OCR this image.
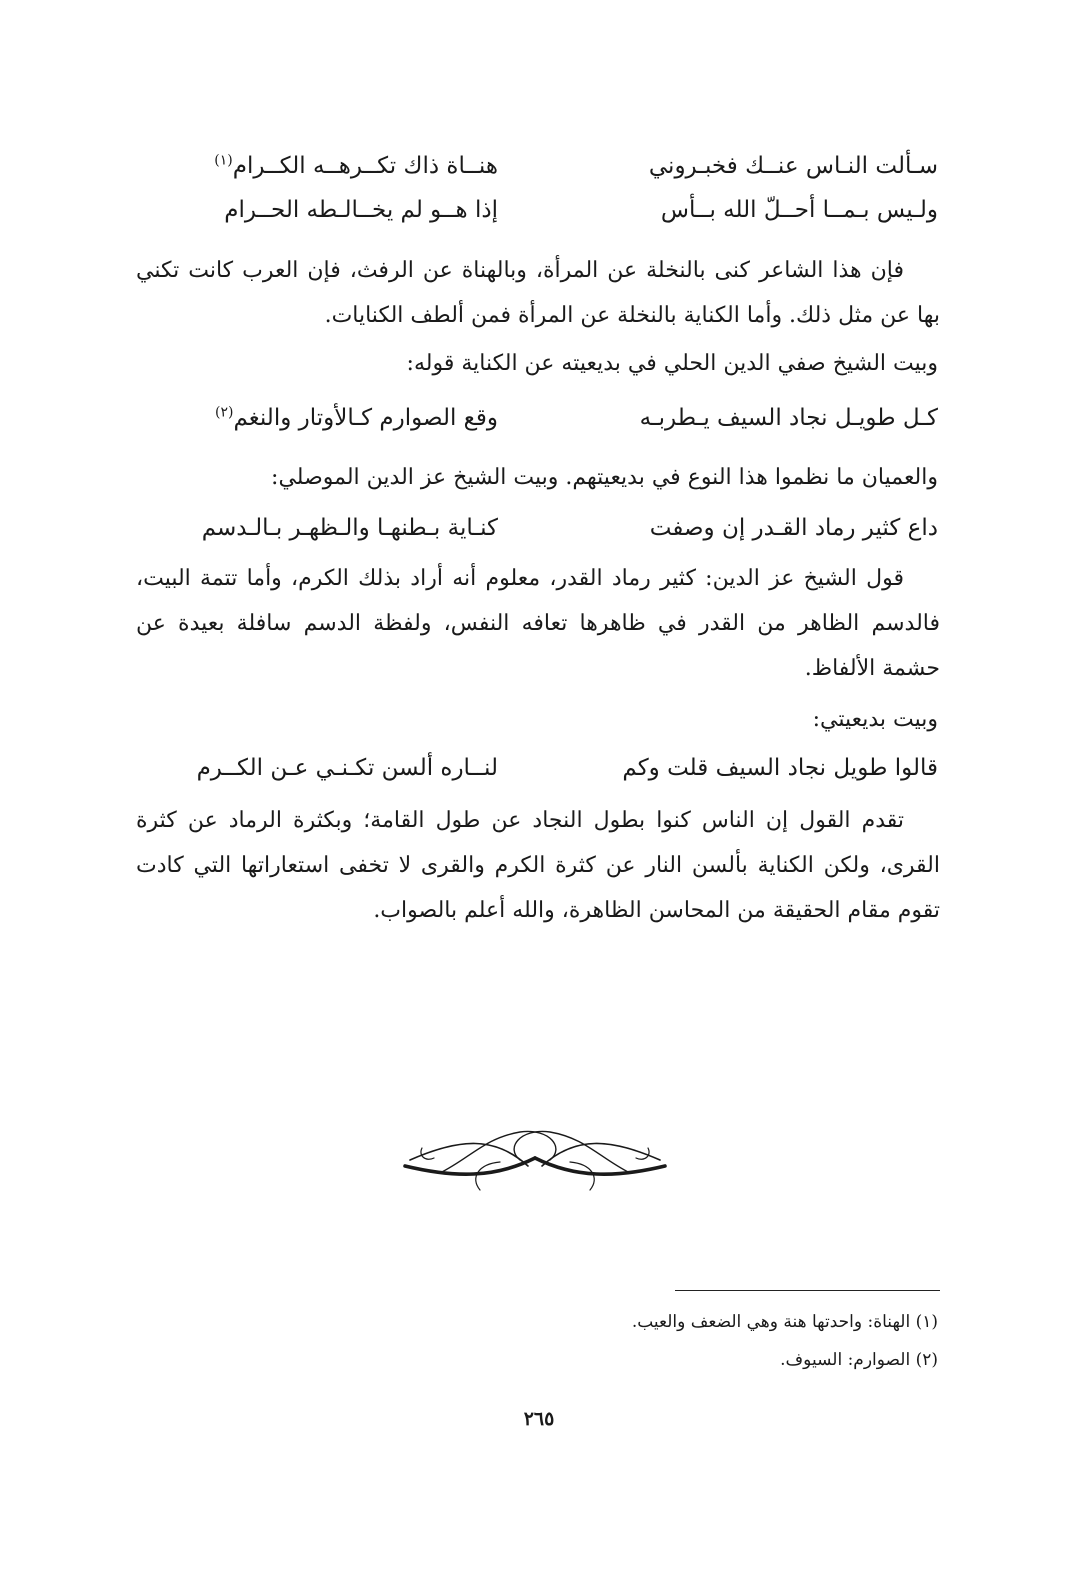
سـألت النـاس عنــك فخبـروني
هنــاة ذاك تكــرهــه الكــرام$^{(١)}$
ولـيس بـمــا أحــلّ الله بــأس
إذا هــو لم يخــالـطه الحــرام
فإن هذا الشاعر كنى بالنخلة عن المرأة، وبالهناة عن الرفث، فإن العرب كانت تكني بها عن مثل ذلك. وأما الكناية بالنخلة عن المرأة فمن ألطف الكنايات.
وبيت الشيخ صفي الدين الحلي في بديعيته عن الكناية قوله:
كـل طويـل نجاد السيف يـطربـه
وقع الصوارم كـالأوتار والنغم$^{(٢)}$
والعميان ما نظموا هذا النوع في بديعيتهم. وبيت الشيخ عز الدين الموصلي:
داع كثير رماد القـدر إن وصفت
كنـاية بـطنهـا والـظهـر بـالـدسم
قول الشيخ عز الدين: كثير رماد القدر، معلوم أنه أراد بذلك الكرم، وأما تتمة البيت، فالدسم الظاهر من القدر في ظاهرها تعافه النفس، ولفظة الدسم سافلة بعيدة عن حشمة الألفاظ.
وبيت بديعيتي:
قالوا طويل نجاد السيف قلت وكم
لنــاره ألسن تكـنـي عـن الكــرم
تقدم القول إن الناس كنوا بطول النجاد عن طول القامة؛ وبكثرة الرماد عن كثرة القرى، ولكن الكناية بألسن النار عن كثرة الكرم والقرى لا تخفى استعاراتها التي كادت تقوم مقام الحقيقة من المحاسن الظاهرة، والله أعلم بالصواب.
(١) الهناة: واحدتها هنة وهي الضعف والعيب.
(٢) الصوارم: السيوف.
٢٦٥
